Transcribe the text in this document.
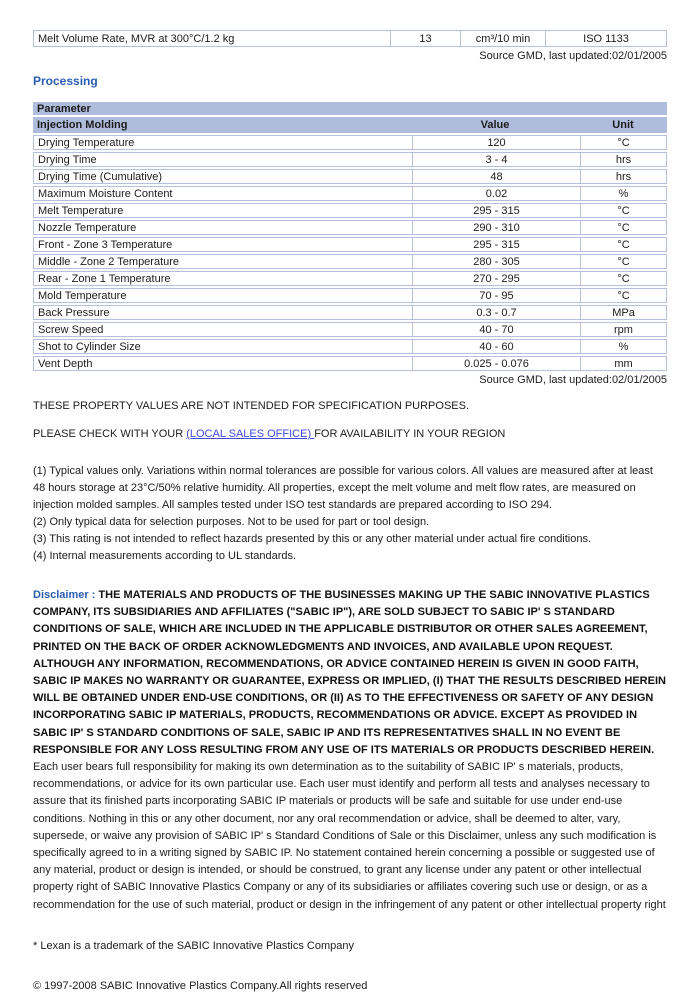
Melt Volume Rate, MVR at 300°C/1.2 kg	13	cm³/10 min	ISO 1133
Source GMD, last updated:02/01/2005
Processing
Parameter
Injection Molding	Value	Unit
Drying Temperature	120	°C
Drying Time	3 - 4	hrs
Drying Time (Cumulative)	48	hrs
Maximum Moisture Content	0.02	%
Melt Temperature	295 - 315	°C
Nozzle Temperature	290 - 310	°C
Front - Zone 3 Temperature	295 - 315	°C
Middle - Zone 2 Temperature	280 - 305	°C
Rear - Zone 1 Temperature	270 - 295	°C
Mold Temperature	70 - 95	°C
Back Pressure	0.3 - 0.7	MPa
Screw Speed	40 - 70	rpm
Shot to Cylinder Size	40 - 60	%
Vent Depth	0.025 - 0.076	mm
Source GMD, last updated:02/01/2005
THESE PROPERTY VALUES ARE NOT INTENDED FOR SPECIFICATION PURPOSES.
PLEASE CHECK WITH YOUR (LOCAL SALES OFFICE) FOR AVAILABILITY IN YOUR REGION
(1) Typical values only. Variations within normal tolerances are possible for various colors. All values are measured after at least 48 hours storage at 23°C/50% relative humidity. All properties, except the melt volume and melt flow rates, are measured on injection molded samples. All samples tested under ISO test standards are prepared according to ISO 294.
(2) Only typical data for selection purposes. Not to be used for part or tool design.
(3) This rating is not intended to reflect hazards presented by this or any other material under actual fire conditions.
(4) Internal measurements according to UL standards.
Disclaimer : THE MATERIALS AND PRODUCTS OF THE BUSINESSES MAKING UP THE SABIC INNOVATIVE PLASTICS COMPANY, ITS SUBSIDIARIES AND AFFILIATES ("SABIC IP"), ARE SOLD SUBJECT TO SABIC IP' S STANDARD CONDITIONS OF SALE, WHICH ARE INCLUDED IN THE APPLICABLE DISTRIBUTOR OR OTHER SALES AGREEMENT, PRINTED ON THE BACK OF ORDER ACKNOWLEDGMENTS AND INVOICES, AND AVAILABLE UPON REQUEST. ALTHOUGH ANY INFORMATION, RECOMMENDATIONS, OR ADVICE CONTAINED HEREIN IS GIVEN IN GOOD FAITH, SABIC IP MAKES NO WARRANTY OR GUARANTEE, EXPRESS OR IMPLIED, (I) THAT THE RESULTS DESCRIBED HEREIN WILL BE OBTAINED UNDER END-USE CONDITIONS, OR (II) AS TO THE EFFECTIVENESS OR SAFETY OF ANY DESIGN INCORPORATING SABIC IP MATERIALS, PRODUCTS, RECOMMENDATIONS OR ADVICE. EXCEPT AS PROVIDED IN SABIC IP' S STANDARD CONDITIONS OF SALE, SABIC IP AND ITS REPRESENTATIVES SHALL IN NO EVENT BE RESPONSIBLE FOR ANY LOSS RESULTING FROM ANY USE OF ITS MATERIALS OR PRODUCTS DESCRIBED HEREIN. Each user bears full responsibility for making its own determination as to the suitability of SABIC IP' s materials, products, recommendations, or advice for its own particular use. Each user must identify and perform all tests and analyses necessary to assure that its finished parts incorporating SABIC IP materials or products will be safe and suitable for use under end-use conditions. Nothing in this or any other document, nor any oral recommendation or advice, shall be deemed to alter, vary, supersede, or waive any provision of SABIC IP' s Standard Conditions of Sale or this Disclaimer, unless any such modification is specifically agreed to in a writing signed by SABIC IP. No statement contained herein concerning a possible or suggested use of any material, product or design is intended, or should be construed, to grant any license under any patent or other intellectual property right of SABIC Innovative Plastics Company or any of its subsidiaries or affiliates covering such use or design, or as a recommendation for the use of such material, product or design in the infringement of any patent or other intellectual property right
* Lexan is a trademark of the SABIC Innovative Plastics Company
© 1997-2008 SABIC Innovative Plastics Company.All rights reserved
